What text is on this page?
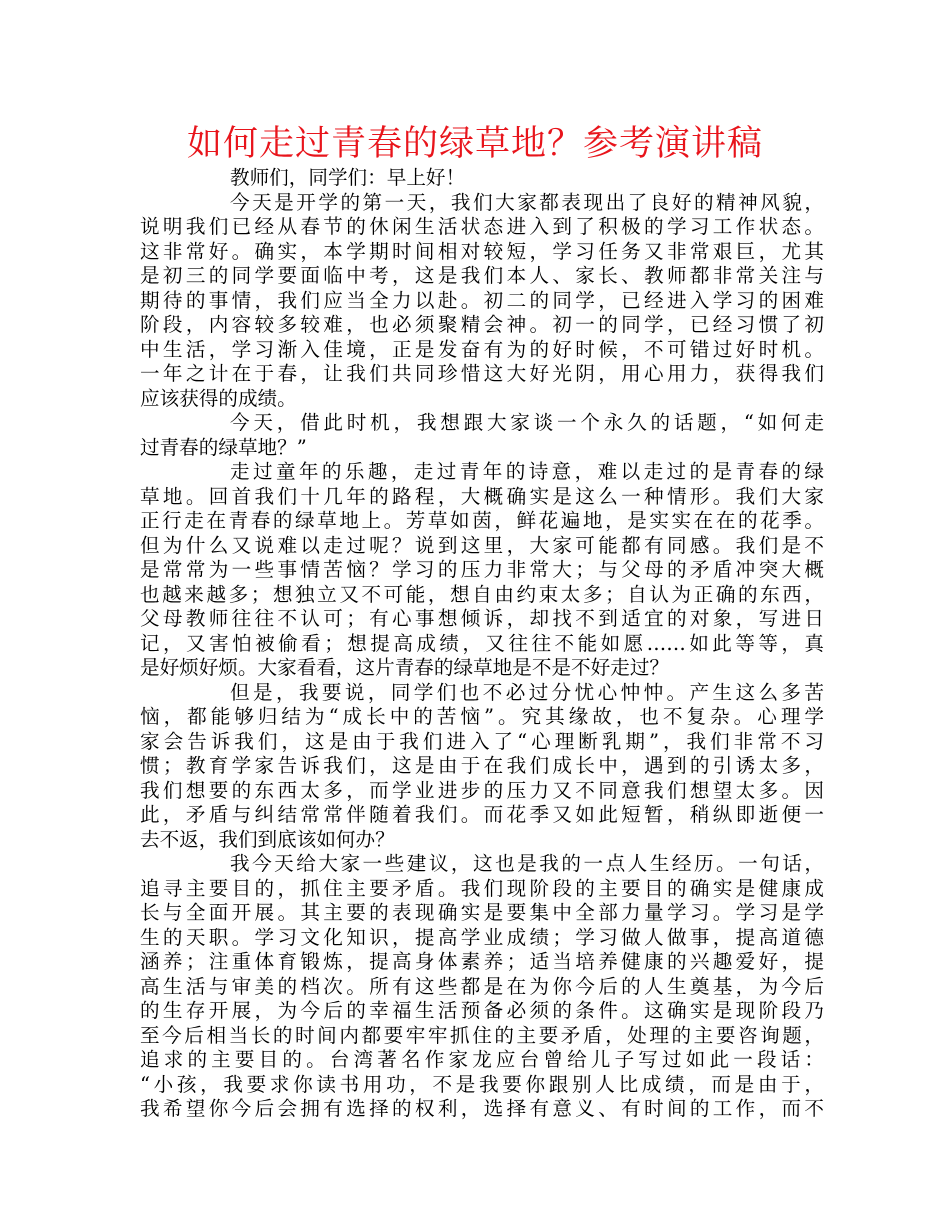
如何走过青春的绿草地？参考演讲稿
教师们，同学们：早上好！
今天是开学的第一天，我们大家都表现出了良好的精神风貌，
说明我们已经从春节的休闲生活状态进入到了积极的学习工作状态。
这非常好。确实，本学期时间相对较短，学习任务又非常艰巨，尤其
是初三的同学要面临中考，这是我们本人、家长、教师都非常关注与
期待的事情，我们应当全力以赴。初二的同学，已经进入学习的困难
阶段，内容较多较难，也必须聚精会神。初一的同学，已经习惯了初
中生活，学习渐入佳境，正是发奋有为的好时候，不可错过好时机。
一年之计在于春，让我们共同珍惜这大好光阴，用心用力，获得我们
应该获得的成绩。
今天，借此时机，我想跟大家谈一个永久的话题，“如何走
过青春的绿草地？”
走过童年的乐趣，走过青年的诗意，难以走过的是青春的绿
草地。回首我们十几年的路程，大概确实是这么一种情形。我们大家
正行走在青春的绿草地上。芳草如茵，鲜花遍地，是实实在在的花季。
但为什么又说难以走过呢？说到这里，大家可能都有同感。我们是不
是常常为一些事情苦恼？学习的压力非常大；与父母的矛盾冲突大概
也越来越多；想独立又不可能，想自由约束太多；自认为正确的东西，
父母教师往往不认可；有心事想倾诉，却找不到适宜的对象，写进日
记，又害怕被偷看；想提高成绩，又往往不能如愿……如此等等，真
是好烦好烦。大家看看，这片青春的绿草地是不是不好走过？
但是，我要说，同学们也不必过分忧心忡忡。产生这么多苦
恼，都能够归结为“成长中的苦恼”。究其缘故，也不复杂。心理学
家会告诉我们，这是由于我们进入了“心理断乳期”，我们非常不习
惯；教育学家告诉我们，这是由于在我们成长中，遇到的引诱太多，
我们想要的东西太多，而学业进步的压力又不同意我们想望太多。因
此，矛盾与纠结常常伴随着我们。而花季又如此短暂，稍纵即逝便一
去不返，我们到底该如何办？
我今天给大家一些建议，这也是我的一点人生经历。一句话，
追寻主要目的，抓住主要矛盾。我们现阶段的主要目的确实是健康成
长与全面开展。其主要的表现确实是要集中全部力量学习。学习是学
生的天职。学习文化知识，提高学业成绩；学习做人做事，提高道德
涵养；注重体育锻炼，提高身体素养；适当培养健康的兴趣爱好，提
高生活与审美的档次。所有这些都是在为你今后的人生奠基，为今后
的生存开展，为今后的幸福生活预备必须的条件。这确实是现阶段乃
至今后相当长的时间内都要牢牢抓住的主要矛盾，处理的主要咨询题，
追求的主要目的。台湾著名作家龙应台曾给儿子写过如此一段话：
“小孩，我要求你读书用功，不是我要你跟别人比成绩，而是由于，
我希望你今后会拥有选择的权利，选择有意义、有时间的工作，而不
